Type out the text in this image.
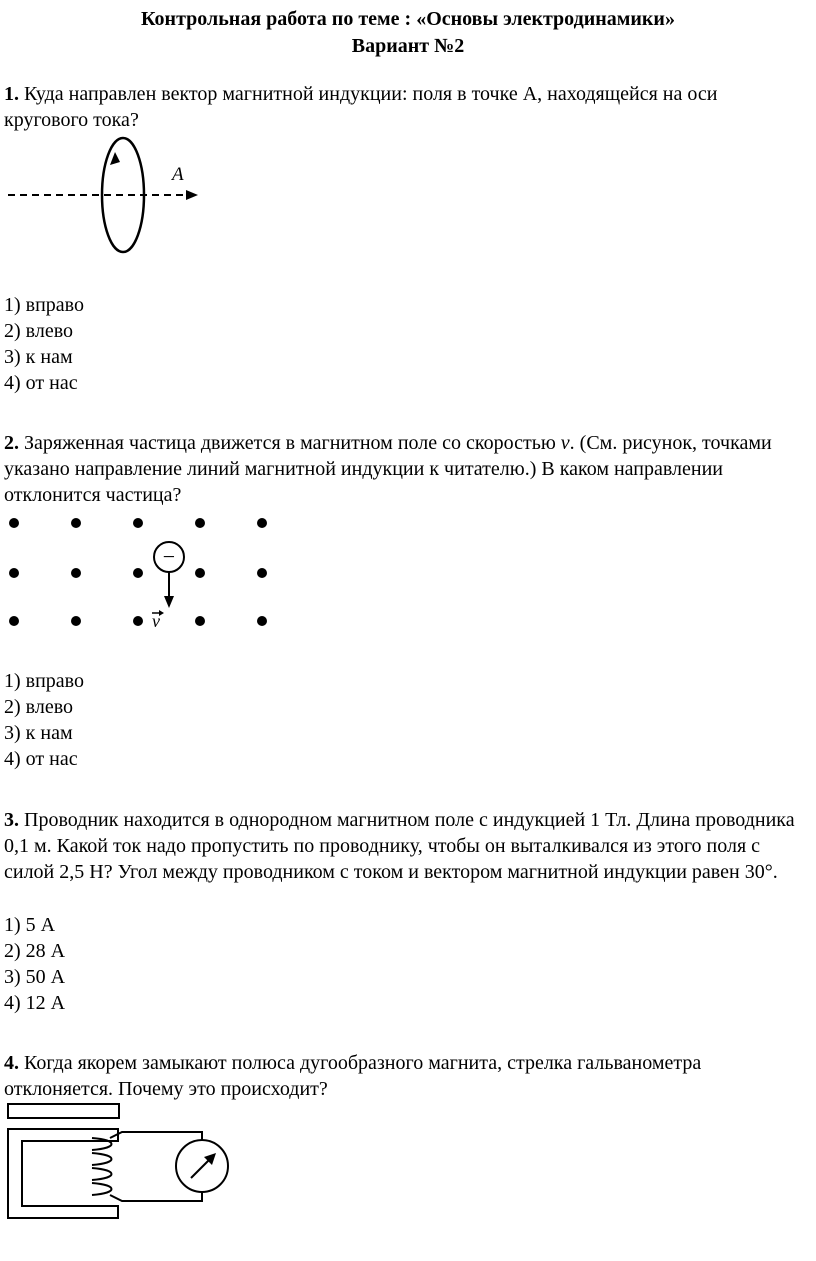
Контрольная работа по теме : «Основы электродинамики»
Вариант №2
1. Куда направлен вектор магнитной индукции: поля в точке А, находящейся на оси кругового тока?
A
1) вправо
2) влево
3) к нам
4) от нас
2. Заряженная частица движется в магнитном поле со скоростью v. (См. рисунок, точками указано направление линий магнитной индукции к читателю.) В каком направлении отклонится частица?
−
v
1) вправо
2) влево
3) к нам
4) от нас
3. Проводник находится в однородном магнитном поле с индукцией 1 Тл. Длина проводника 0,1 м. Какой ток надо пропустить по проводнику, чтобы он выталкивался из этого поля с силой 2,5 Н? Угол между проводником с током и вектором магнитной индукции равен 30°.
1) 5 А
2) 28 А
3) 50 А
4) 12 А
4. Когда якорем замыкают полюса дугообразного магнита, стрелка гальванометра отклоняется. Почему это происходит?
